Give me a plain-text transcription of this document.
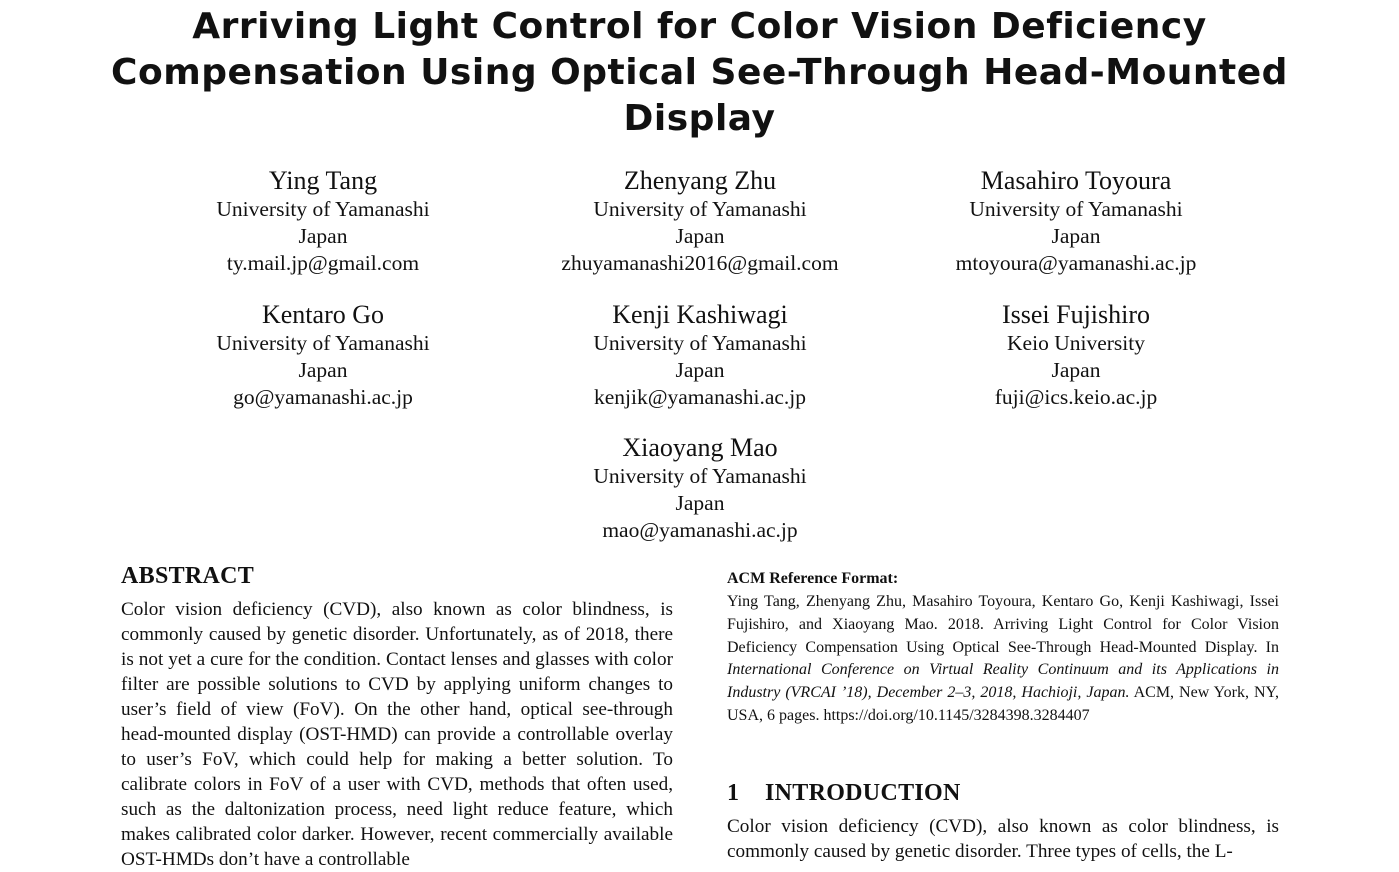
Arriving Light Control for Color Vision Deficiency
Compensation Using Optical See-Through Head-Mounted
Display
Ying Tang
University of Yamanashi
Japan
ty.mail.jp@gmail.com
Zhenyang Zhu
University of Yamanashi
Japan
zhuyamanashi2016@gmail.com
Masahiro Toyoura
University of Yamanashi
Japan
mtoyoura@yamanashi.ac.jp
Kentaro Go
University of Yamanashi
Japan
go@yamanashi.ac.jp
Kenji Kashiwagi
University of Yamanashi
Japan
kenjik@yamanashi.ac.jp
Issei Fujishiro
Keio University
Japan
fuji@ics.keio.ac.jp
Xiaoyang Mao
University of Yamanashi
Japan
mao@yamanashi.ac.jp
ABSTRACT

Color vision deficiency (CVD), also known as color blindness, is commonly caused by genetic disorder. Unfortunately, as of 2018, there is not yet a cure for the condition. Contact lenses and glasses with color filter are possible solutions to CVD by applying uniform changes to user’s field of view (FoV). On the other hand, optical see-through head-mounted display (OST-HMD) can provide a controllable overlay to user’s FoV, which could help for making a better solution. To calibrate colors in FoV of a user with CVD, methods that often used, such as the daltonization process, need light reduce feature, which makes calibrated color darker. However, recent commercially available OST-HMDs don’t have a controllable

ACM Reference Format:

Ying Tang, Zhenyang Zhu, Masahiro Toyoura, Kentaro Go, Kenji Kashiwagi, Issei Fujishiro, and Xiaoyang Mao. 2018. Arriving Light Control for Color Vision Deficiency Compensation Using Optical See-Through Head-Mounted Display. In International Conference on Virtual Reality Continuum and its Applications in Industry (VRCAI ’18), December 2–3, 2018, Hachioji, Japan. ACM, New York, NY, USA, 6 pages. https://doi.org/10.1145/3284398.3284407

1 INTRODUCTION

Color vision deficiency (CVD), also known as color blindness, is commonly caused by genetic disorder. Three types of cells, the L-
